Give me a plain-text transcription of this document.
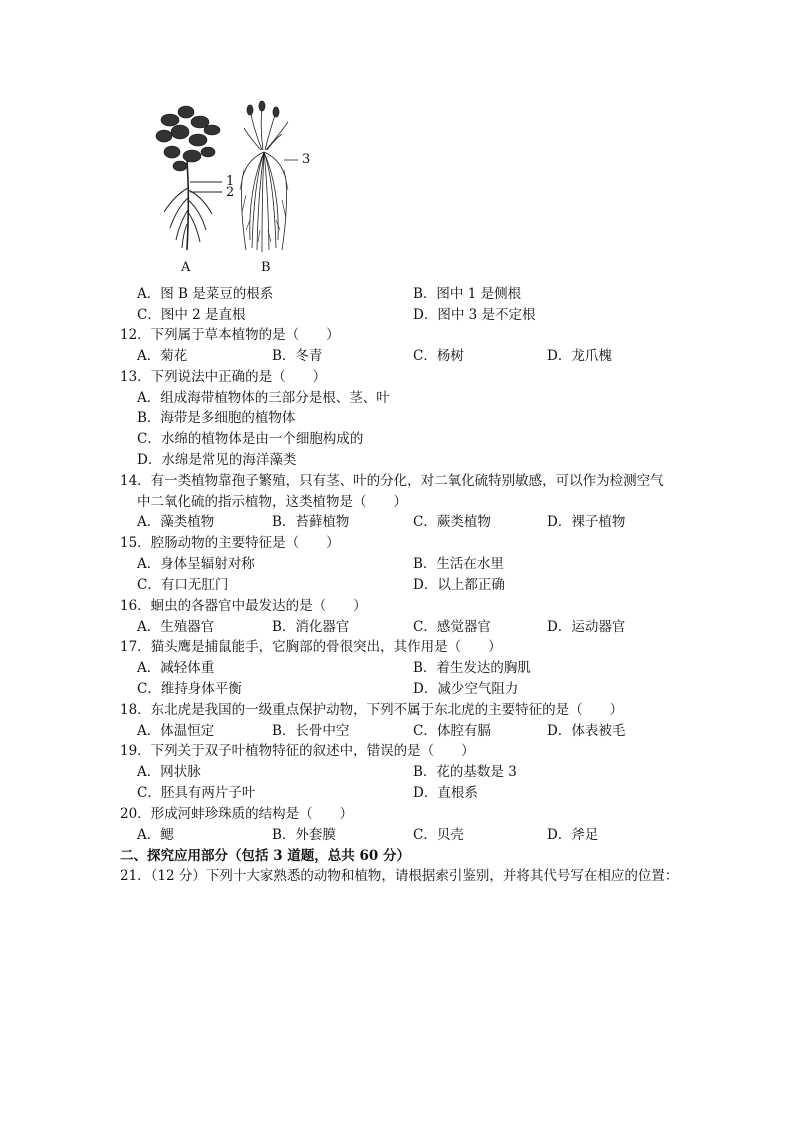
1
2
3
A	B
A．图 B 是菜豆的根系	B．图中 1 是侧根
C．图中 2 是直根	D．图中 3 是不定根
12．下列属于草本植物的是（　　）
A．菊花	B．冬青	C．杨树	D．龙爪槐
13．下列说法中正确的是（　　）
A．组成海带植物体的三部分是根、茎、叶
B．海带是多细胞的植物体
C．水绵的植物体是由一个细胞构成的
D．水绵是常见的海洋藻类
14．有一类植物靠孢子繁殖，只有茎、叶的分化，对二氧化硫特别敏感，可以作为检测空气
中二氧化硫的指示植物，这类植物是（　　）
A．藻类植物	B．苔藓植物	C．蕨类植物	D．裸子植物
15．腔肠动物的主要特征是（　　）
A．身体呈辐射对称	B．生活在水里
C．有口无肛门	D．以上都正确
16．蛔虫的各器官中最发达的是（　　）
A．生殖器官	B．消化器官	C．感觉器官	D．运动器官
17．猫头鹰是捕鼠能手，它胸部的骨很突出，其作用是（　　）
A．减轻体重	B．着生发达的胸肌
C．维持身体平衡	D．减少空气阻力
18．东北虎是我国的一级重点保护动物，下列不属于东北虎的主要特征的是（　　）
A．体温恒定	B．长骨中空	C．体腔有膈	D．体表被毛
19．下列关于双子叶植物特征的叙述中，错误的是（　　）
A．网状脉	B．花的基数是 3
C．胚具有两片子叶	D．直根系
20．形成河蚌珍珠质的结构是（　　）
A．鳃	B．外套膜	C．贝壳	D．斧足
二、探究应用部分（包括 3 道题，总共 60 分）
21．（12 分）下列十大家熟悉的动物和植物，请根据索引鉴别，并将其代号写在相应的位置：
